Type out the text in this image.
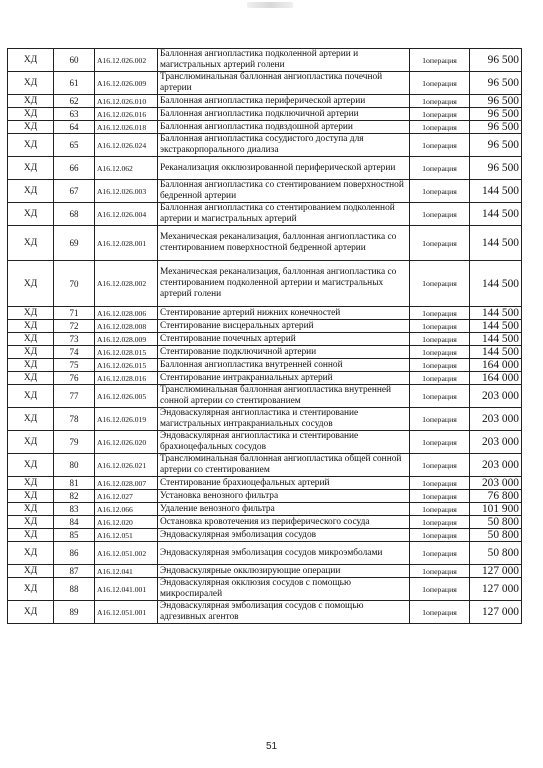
ХД	60	A16.12.026.002	Баллонная ангиопластика подколенной артерии и магистральных артерий голени	1операция	96 500
ХД	61	A16.12.026.009	Транслюминальная баллонная ангиопластика почечной артерии	1операция	96 500
ХД	62	A16.12.026.010	Баллонная ангиопластика периферической артерии	1операция	96 500
ХД	63	A16.12.026.016	Баллонная ангиопластика подключичной артерии	1операция	96 500
ХД	64	A16.12.026.018	Баллонная ангиопластика подвздошной артерии	1операция	96 500
ХД	65	A16.12.026.024	Баллонная ангиопластика сосудистого доступа для экстракорпорального диализа	1операция	96 500
ХД	66	A16.12.062	Реканализация окклюзированной периферической артерии	1операция	96 500
ХД	67	A16.12.026.003	Баллонная ангиопластика со стентированием поверхностной бедренной артерии	1операция	144 500
ХД	68	A16.12.026.004	Баллонная ангиопластика со стентированием подколенной артерии и магистральных артерий	1операция	144 500
ХД	69	A16.12.028.001	Механическая реканализация, баллонная ангиопластика со стентированием поверхностной бедренной артерии	1операция	144 500
ХД	70	A16.12.028.002	Механическая реканализация, баллонная ангиопластика со стентированием подколенной артерии и магистральных артерий голени	1операция	144 500
ХД	71	A16.12.028.006	Стентирование артерий нижних конечностей	1операция	144 500
ХД	72	A16.12.028.008	Стентирование висцеральных артерий	1операция	144 500
ХД	73	A16.12.028.009	Стентирование почечных артерий	1операция	144 500
ХД	74	A16.12.028.015	Стентирование подключичной артерии	1операция	144 500
ХД	75	A16.12.026.015	Баллонная ангиопластика внутренней сонной	1операция	164 000
ХД	76	A16.12.028.016	Стентирование интракраниальных артерий	1операция	164 000
ХД	77	A16.12.026.005	Транслюминальная баллонная ангиопластика внутренней сонной артерии со стентированием	1операция	203 000
ХД	78	A16.12.026.019	Эндоваскулярная ангиопластика и стентирование магистральных интракраниальных сосудов	1операция	203 000
ХД	79	A16.12.026.020	Эндоваскулярная ангиопластика и стентирование брахиоцефальных сосудов	1операция	203 000
ХД	80	A16.12.026.021	Транслюминальная баллонная ангиопластика общей сонной артерии со стентированием	1операция	203 000
ХД	81	A16.12.028.007	Стентирование брахиоцефальных артерий	1операция	203 000
ХД	82	A16.12.027	Установка венозного фильтра	1операция	76 800
ХД	83	A16.12.066	Удаление венозного фильтра	1операция	101 900
ХД	84	A16.12.020	Остановка кровотечения из периферического сосуда	1операция	50 800
ХД	85	A16.12.051	Эндоваскулярная эмболизация сосудов	1операция	50 800
ХД	86	A16.12.051.002	Эндоваскулярная эмболизация сосудов микроэмболами	1операция	50 800
ХД	87	A16.12.041	Эндоваскулярные окклюзирующие операции	1операция	127 000
ХД	88	A16.12.041.001	Эндоваскулярная окклюзия сосудов с помощью микроспиралей	1операция	127 000
ХД	89	A16.12.051.001	Эндоваскулярная эмболизация сосудов с помощью адгезивных агентов	1операция	127 000
51
